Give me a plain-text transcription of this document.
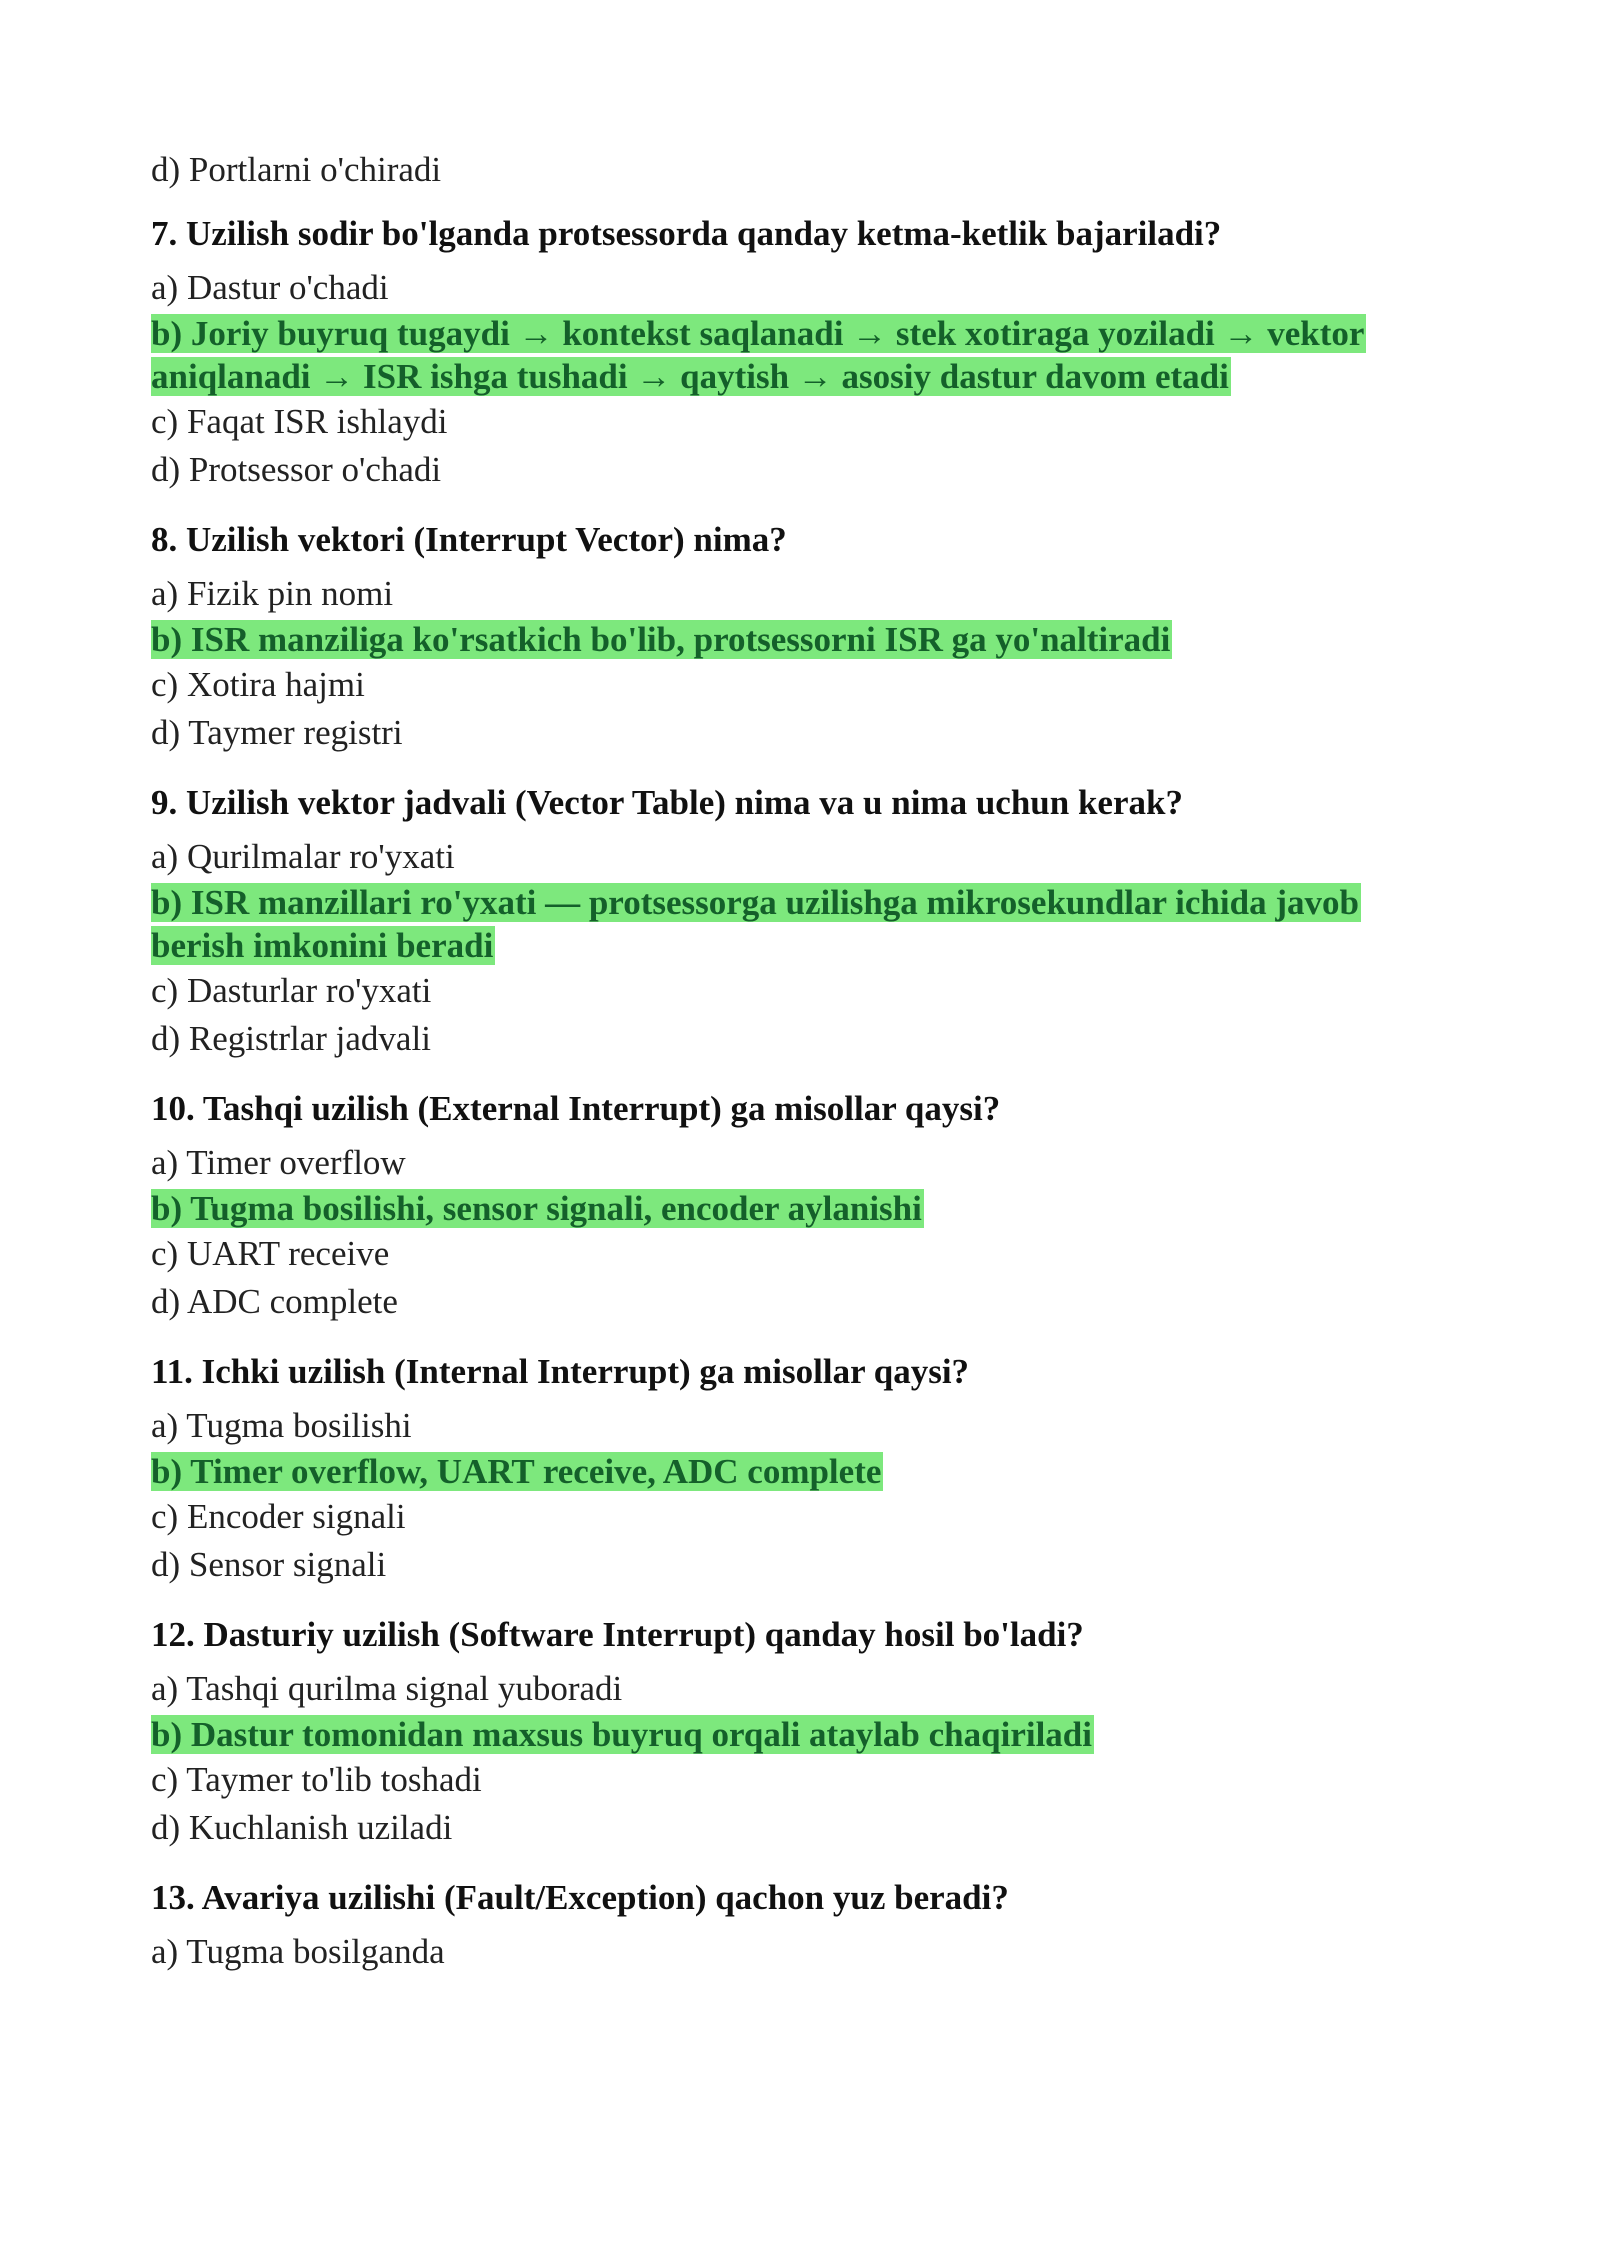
d) Portlarni o'chiradi

7. Uzilish sodir bo'lganda protsessorda qanday ketma-ketlik bajariladi?

a) Dastur o'chadi

b) Joriy buyruq tugaydi → kontekst saqlanadi → stek xotiraga yoziladi → vektor aniqlanadi → ISR ishga tushadi → qaytish → asosiy dastur davom etadi

c) Faqat ISR ishlaydi

d) Protsessor o'chadi

8. Uzilish vektori (Interrupt Vector) nima?

a) Fizik pin nomi

b) ISR manziliga ko'rsatkich bo'lib, protsessorni ISR ga yo'naltiradi

c) Xotira hajmi

d) Taymer registri

9. Uzilish vektor jadvali (Vector Table) nima va u nima uchun kerak?

a) Qurilmalar ro'yxati

b) ISR manzillari ro'yxati — protsessorga uzilishga mikrosekundlar ichida javob berish imkonini beradi

c) Dasturlar ro'yxati

d) Registrlar jadvali

10. Tashqi uzilish (External Interrupt) ga misollar qaysi?

a) Timer overflow

b) Tugma bosilishi, sensor signali, encoder aylanishi

c) UART receive

d) ADC complete

11. Ichki uzilish (Internal Interrupt) ga misollar qaysi?

a) Tugma bosilishi

b) Timer overflow, UART receive, ADC complete

c) Encoder signali

d) Sensor signali

12. Dasturiy uzilish (Software Interrupt) qanday hosil bo'ladi?

a) Tashqi qurilma signal yuboradi

b) Dastur tomonidan maxsus buyruq orqali ataylab chaqiriladi

c) Taymer to'lib toshadi

d) Kuchlanish uziladi

13. Avariya uzilishi (Fault/Exception) qachon yuz beradi?

a) Tugma bosilganda
